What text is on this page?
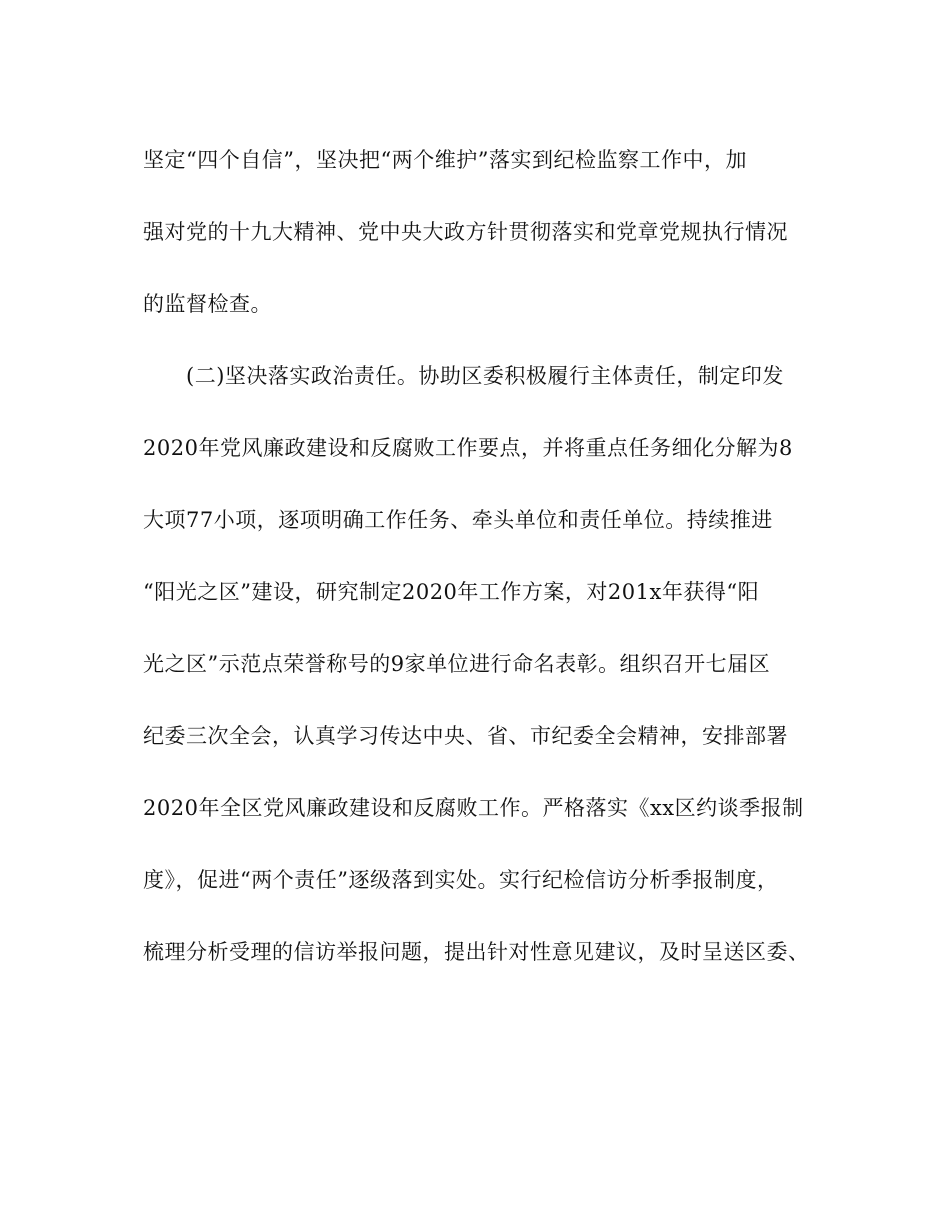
坚定“四个自信”，坚决把“两个维护”落实到纪检监察工作中，加
强对党的十九大精神、党中央大政方针贯彻落实和党章党规执行情况
的监督检查。
(二)坚决落实政治责任。协助区委积极履行主体责任，制定印发
2020年党风廉政建设和反腐败工作要点，并将重点任务细化分解为8
大项77小项，逐项明确工作任务、牵头单位和责任单位。持续推进
“阳光之区”建设，研究制定2020年工作方案，对201x年获得“阳
光之区”示范点荣誉称号的9家单位进行命名表彰。组织召开七届区
纪委三次全会，认真学习传达中央、省、市纪委全会精神，安排部署
2020年全区党风廉政建设和反腐败工作。严格落实《xx区约谈季报制
度》，促进“两个责任”逐级落到实处。实行纪检信访分析季报制度，
梳理分析受理的信访举报问题，提出针对性意见建议，及时呈送区委、
